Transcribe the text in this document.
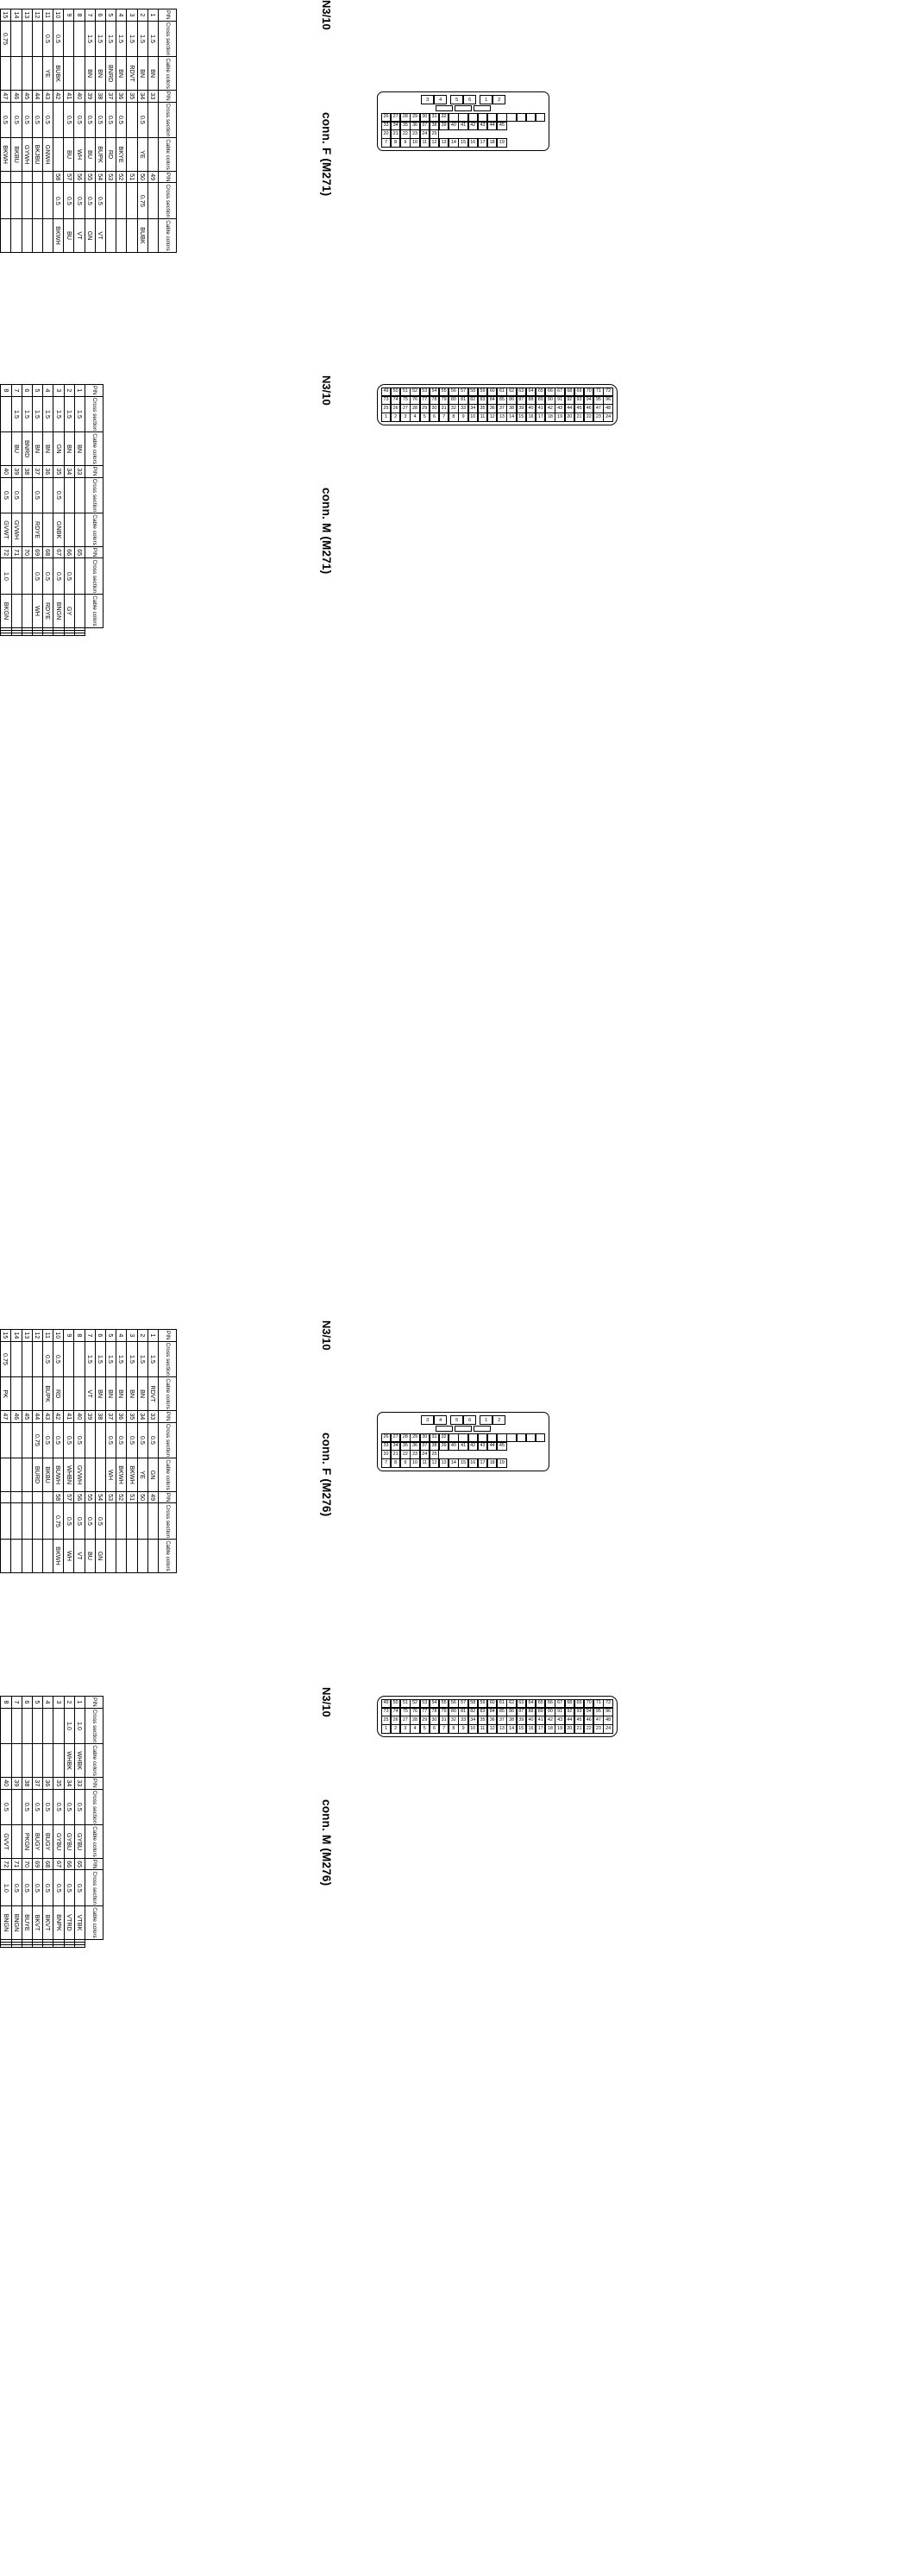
PIN	Cross section	Cable colors	PIN	Cross section	Cable colors	PIN	Cross section	Cable colors
1	1.5	BN	33			49		
2	1.5	BN	34	0.5	YE	50	0.75	BUBK
3	1.5	RDVT	35			51		
4	1.5	BN	36	0.5	BKYE	52		
5	1.5	BNRD	37	0.5	RD	53		
6	1.5	BN	38	0.5	BUPK	54	0.5	VT
7	1.5	BN	39	0.5	BU	55	0.5	GN
8			40	0.5	WH	56	0.5	VT
9			41	0.5	BU	57	0.5	BU
10	0.5	BUBK	42			58	0.5	BKWH
11	0.5	YE	43	0.5	GNWH			
12			44	0.5	BKJBU			
13			45	0.5	GYWH			
14			46	0.5	BKBU			
15	0.75		47	0.5	BKWH			
									conn. F (M271)
3	4	5	6	1	2
26 27 28 29 30 31 32
33 34 35 36 37 38 39 40 41 42 43 44 45
20 21 22 23 24 25
7	8	9	10 11	12 13 14 15 16 17 18 19
N3/10
PIN	Cross section	Cable colors	PIN	Cross section	Cable colors	PIN	Cross section	Cable colors			
1	1.5	BN	33			65					
2	1.5	BN	34			66	0.5	GY			
3	1.5	GN	35	0.5	GNBK	67	0.5	BNGN			
4	1.5	BN	36			68	0.5	RDYE			
5	1.5	BN	37	0.5	RDYE	69	0.5	WH			
6	1.5	BNRD	38			70					
7	1.5	BU	39	0.5	GVWH	71					
8			40	0.5	GVWT	72	1.0	BKGN			

conn. M (M271)
49 50 51 52 53 54 55 56 57 58 59 60 61 62 63 64 65 66 67 68 69 70 71 72
73 74 75 76 77 78 79 80 81 82 83 84 85 86 87 88 89 90 91 92 93 94 95 96
25 26 27 28 29 30 31 32 33 34 35 36 37 38 39 40 41 42 43 44 45 46 47 48
1	2	3	4	5	6	7	8	9	10 11	12 13 14 15 16 17 18 19 20 21 22 23 24
N3/10
PIN	Cross section	Cable colors	PIN	Cross section	Cable colors	PIN	Cross section	Cable colors
1	1.5	RDVT	33	0.5	GN	49		
2	1.5	BN	34	0.5	YE	50		
3	1.5	BN	35	0.5	BKWH	51		
4	1.5	BN	36	0.5	BKWH	52		
5	1.5	BN	37	0.5	WH	53		
6	1.5	BN	38			54	0.5	GN
7	1.5	VT	39			55	0.5	BU
8			40	0.5	GVWH	56	0.5	VT
9			41	0.5	WHBN	57	0.5	WH
10	0.5	RD	42	0.5	BUWH	58	0.75	BKWH
11	0.5	BUPK	43	0.5	BKBU			
12			44	0.75	BURD			
13			45					
14			46					
15	0.75	PK	47					

conn. F (M276)
3	4	5	6	1	2
26 27 28 29 30 31 32
33 34 35 36 37 38 39 40 41 42 43 44 45
20 21 22 23 24 25
7	8	9	10 11	12 13 14 15 16 17 18 19
N3/10
PIN	Cross section	Cable colors	PIN	Cross section	Cable colors	PIN	Cross section	Cable colors			
1	1.0	WHBK	33	0.5	GYBU	65	0.5	VTBK			
2	1.0	WHBK	34	0.5	GYBU	66	0.5	VTRD			
3			35	0.5	GYBU	67	0.5	BNPK			
4			36	0.5	BUGY	68	0.5	BKVT			
5			37	0.5	BUGY	69	0.5	BKVT			
6			38	0.5	PKGN	70	0.5	BUYE			
7			39			71	0.5	BNGN			
8			40	0.5	GVVT	72	1.0	BNGN			

conn. M (M276)
49 50 51 52 53 54 55 56 57 58 59 60 61 62 63 64 65 66 67 68 69 70 71 72
73 74 75 76 77 78 79 80 81 82 83 84 85 86 87 88 89 90 91 92 93 94 95 96
25 26 27 28 29 30 31 32 33 34 35 36 37 38 39 40 41 42 43 44 45 46 47 48
1	2	3	4	5	6	7	8	9	10 11	12 13 14 15 16 17 18 19 20 21 22 23 24
N3/10
